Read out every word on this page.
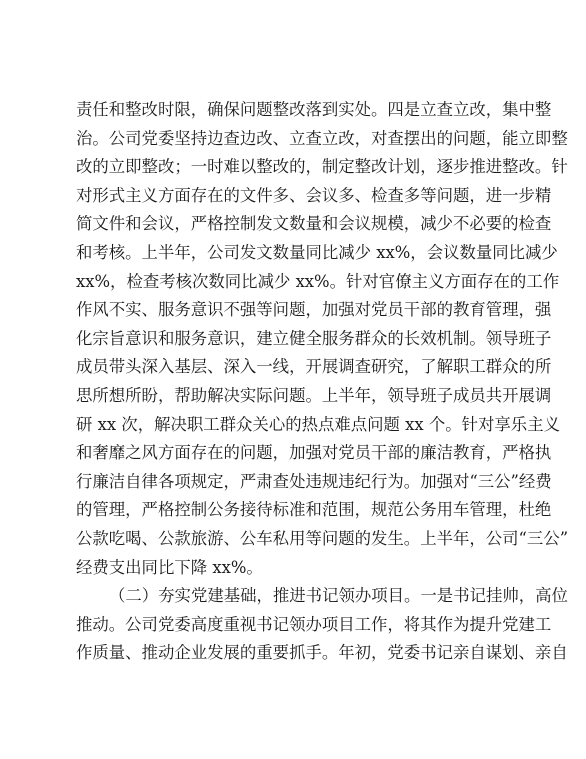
责任和整改时限，确保问题整改落到实处。四是立查立改，集中整
治。公司党委坚持边查边改、立查立改，对查摆出的问题，能立即整
改的立即整改；一时难以整改的，制定整改计划，逐步推进整改。针
对形式主义方面存在的文件多、会议多、检查多等问题，进一步精
简文件和会议，严格控制发文数量和会议规模，减少不必要的检查
和考核。上半年，公司发文数量同比减少 xx%，会议数量同比减少
xx%，检查考核次数同比减少 xx%。针对官僚主义方面存在的工作
作风不实、服务意识不强等问题，加强对党员干部的教育管理，强
化宗旨意识和服务意识，建立健全服务群众的长效机制。领导班子
成员带头深入基层、深入一线，开展调查研究，了解职工群众的所
思所想所盼，帮助解决实际问题。上半年，领导班子成员共开展调
研 xx 次，解决职工群众关心的热点难点问题 xx 个。针对享乐主义
和奢靡之风方面存在的问题，加强对党员干部的廉洁教育，严格执
行廉洁自律各项规定，严肃查处违规违纪行为。加强对“三公”经费
的管理，严格控制公务接待标准和范围，规范公务用车管理，杜绝
公款吃喝、公款旅游、公车私用等问题的发生。上半年，公司“三公”
经费支出同比下降 xx%。
（二）夯实党建基础，推进书记领办项目。一是书记挂帅，高位
推动。公司党委高度重视书记领办项目工作，将其作为提升党建工
作质量、推动企业发展的重要抓手。年初，党委书记亲自谋划、亲自
